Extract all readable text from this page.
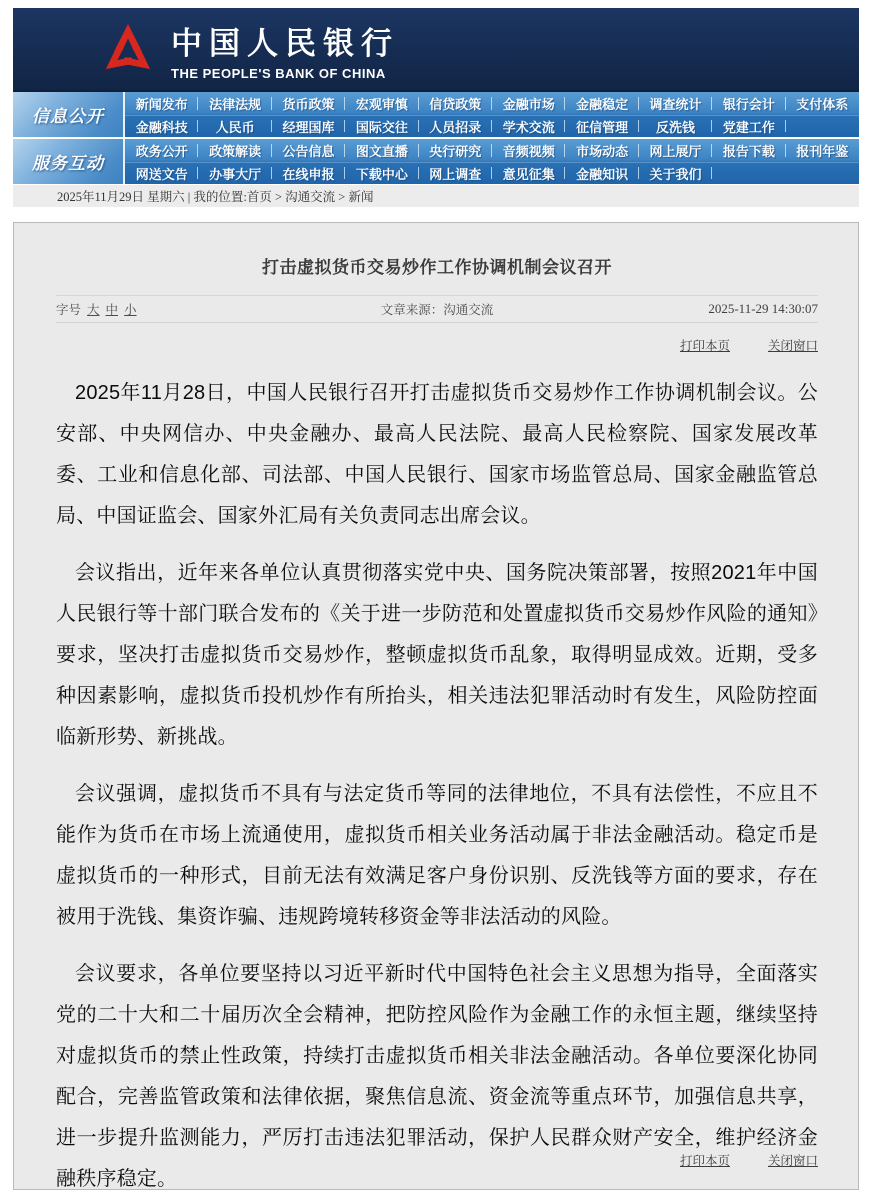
中国人民银行
THE PEOPLE'S BANK OF CHINA
信息公开
新闻发布 法律法规 货币政策 宏观审慎 信贷政策 金融市场 金融稳定 调查统计 银行会计 支付体系
金融科技 人民币 经理国库 国际交往 人员招录 学术交流 征信管理 反洗钱 党建工作
服务互动
政务公开 政策解读 公告信息 图文直播 央行研究 音频视频 市场动态 网上展厅 报告下载 报刊年鉴
网送文告 办事大厅 在线申报 下载中心 网上调查 意见征集 金融知识 关于我们
2025年11月29日 星期六 | 我的位置:首页 > 沟通交流 > 新闻
打击虚拟货币交易炒作工作协调机制会议召开
字号 大 中 小	文章来源：沟通交流	2025-11-29 14:30:07
打印本页	关闭窗口

2025年11月28日，中国人民银行召开打击虚拟货币交易炒作工作协调机制会议。公安部、中央网信办、中央金融办、最高人民法院、最高人民检察院、国家发展改革委、工业和信息化部、司法部、中国人民银行、国家市场监管总局、国家金融监管总局、中国证监会、国家外汇局有关负责同志出席会议。

会议指出，近年来各单位认真贯彻落实党中央、国务院决策部署，按照2021年中国人民银行等十部门联合发布的《关于进一步防范和处置虚拟货币交易炒作风险的通知》要求，坚决打击虚拟货币交易炒作，整顿虚拟货币乱象，取得明显成效。近期，受多种因素影响，虚拟货币投机炒作有所抬头，相关违法犯罪活动时有发生，风险防控面临新形势、新挑战。

会议强调，虚拟货币不具有与法定货币等同的法律地位，不具有法偿性，不应且不能作为货币在市场上流通使用，虚拟货币相关业务活动属于非法金融活动。稳定币是虚拟货币的一种形式，目前无法有效满足客户身份识别、反洗钱等方面的要求，存在被用于洗钱、集资诈骗、违规跨境转移资金等非法活动的风险。

会议要求，各单位要坚持以习近平新时代中国特色社会主义思想为指导，全面落实党的二十大和二十届历次全会精神，把防控风险作为金融工作的永恒主题，继续坚持对虚拟货币的禁止性政策，持续打击虚拟货币相关非法金融活动。各单位要深化协同配合，完善监管政策和法律依据，聚焦信息流、资金流等重点环节，加强信息共享，进一步提升监测能力，严厉打击违法犯罪活动，保护人民群众财产安全，维护经济金融秩序稳定。

打印本页	关闭窗口
